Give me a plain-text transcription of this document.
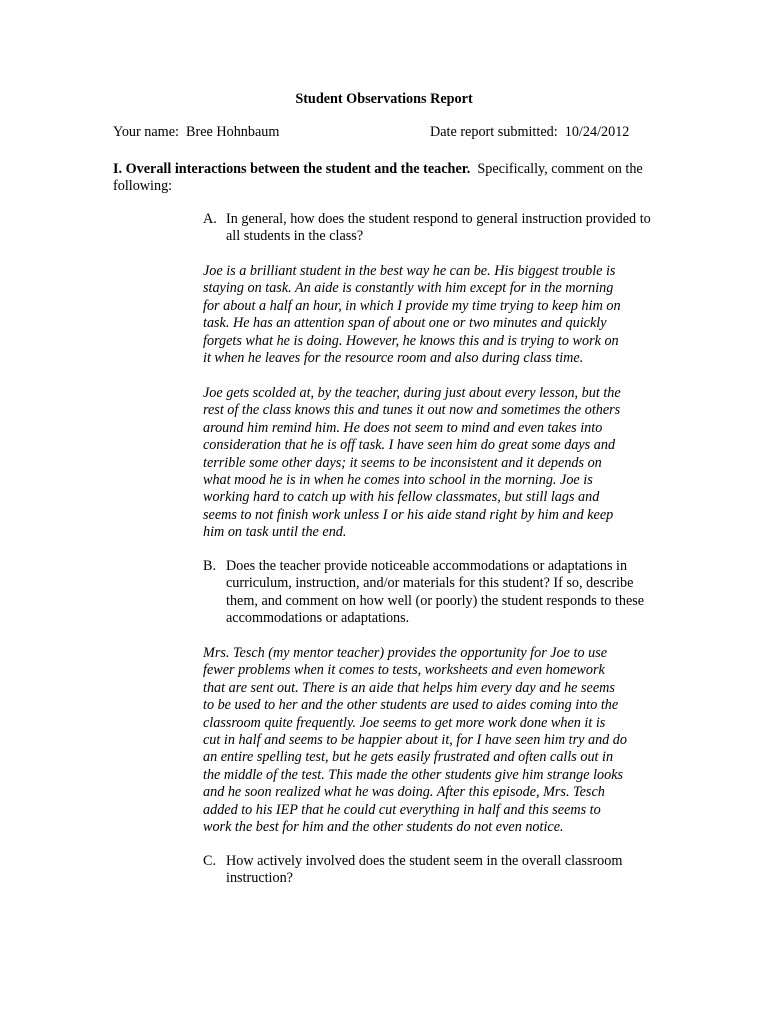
Student Observations Report
Your name:  Bree Hohnbaum	Date report submitted:  10/24/2012
I. Overall interactions between the student and the teacher. Specifically, comment on the following:
A. In general, how does the student respond to general instruction provided to all students in the class?
Joe is a brilliant student in the best way he can be. His biggest trouble is
staying on task. An aide is constantly with him except for in the morning
for about a half an hour, in which I provide my time trying to keep him on
task. He has an attention span of about one or two minutes and quickly
forgets what he is doing. However, he knows this and is trying to work on
it when he leaves for the resource room and also during class time.
Joe gets scolded at, by the teacher, during just about every lesson, but the
rest of the class knows this and tunes it out now and sometimes the others
around him remind him. He does not seem to mind and even takes into
consideration that he is off task. I have seen him do great some days and
terrible some other days; it seems to be inconsistent and it depends on
what mood he is in when he comes into school in the morning. Joe is
working hard to catch up with his fellow classmates, but still lags and
seems to not finish work unless I or his aide stand right by him and keep
him on task until the end.
B. Does the teacher provide noticeable accommodations or adaptations in curriculum, instruction, and/or materials for this student? If so, describe them, and comment on how well (or poorly) the student responds to these accommodations or adaptations.
Mrs. Tesch (my mentor teacher) provides the opportunity for Joe to use
fewer problems when it comes to tests, worksheets and even homework
that are sent out. There is an aide that helps him every day and he seems
to be used to her and the other students are used to aides coming into the
classroom quite frequently. Joe seems to get more work done when it is
cut in half and seems to be happier about it, for I have seen him try and do
an entire spelling test, but he gets easily frustrated and often calls out in
the middle of the test. This made the other students give him strange looks
and he soon realized what he was doing. After this episode, Mrs. Tesch
added to his IEP that he could cut everything in half and this seems to
work the best for him and the other students do not even notice.
C. How actively involved does the student seem in the overall classroom instruction?
